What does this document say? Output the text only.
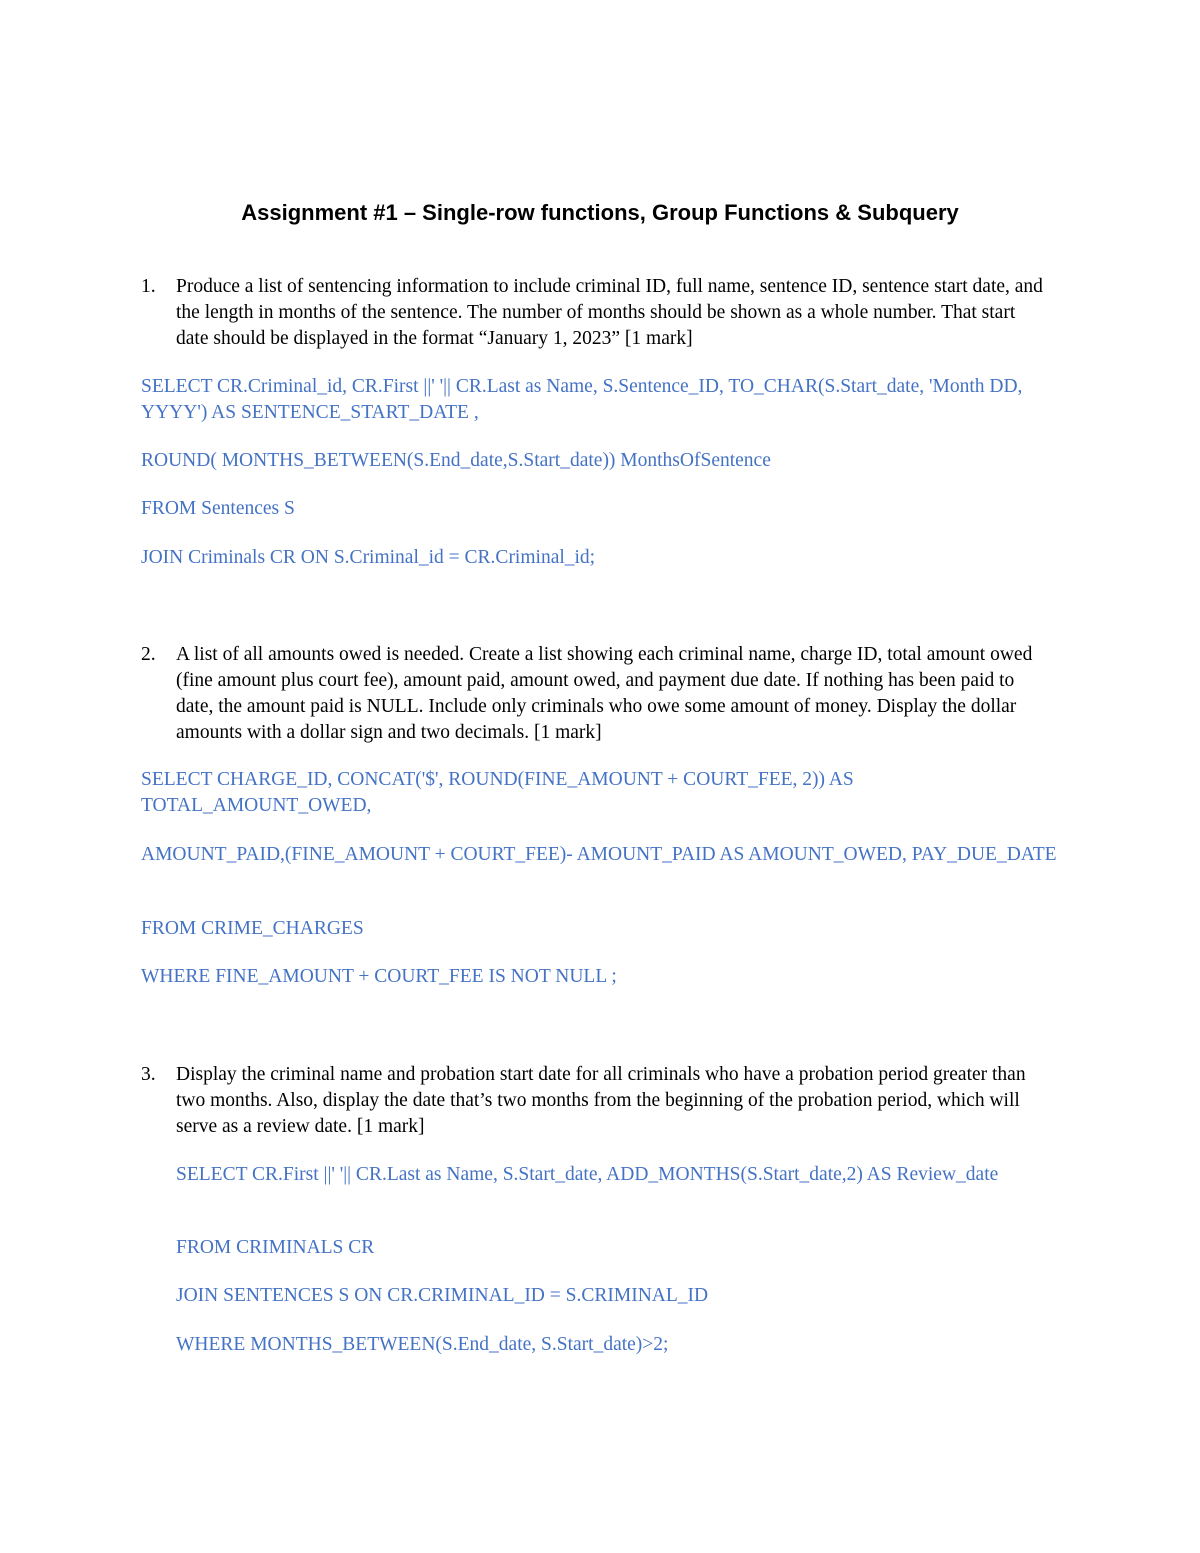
Assignment #1 – Single-row functions, Group Functions & Subquery
1. Produce a list of sentencing information to include criminal ID, full name, sentence ID, sentence start date, and the length in months of the sentence. The number of months should be shown as a whole number. That start date should be displayed in the format “January 1, 2023” [1 mark]

SELECT CR.Criminal_id, CR.First ||' '|| CR.Last as Name, S.Sentence_ID, TO_CHAR(S.Start_date, 'Month DD, YYYY') AS SENTENCE_START_DATE ,

ROUND( MONTHS_BETWEEN(S.End_date,S.Start_date)) MonthsOfSentence

FROM Sentences S

JOIN Criminals CR ON S.Criminal_id = CR.Criminal_id;

2. A list of all amounts owed is needed. Create a list showing each criminal name, charge ID, total amount owed (fine amount plus court fee), amount paid, amount owed, and payment due date. If nothing has been paid to date, the amount paid is NULL. Include only criminals who owe some amount of money. Display the dollar amounts with a dollar sign and two decimals. [1 mark]

SELECT CHARGE_ID, CONCAT('$', ROUND(FINE_AMOUNT + COURT_FEE, 2)) AS TOTAL_AMOUNT_OWED,

AMOUNT_PAID,(FINE_AMOUNT + COURT_FEE)- AMOUNT_PAID AS AMOUNT_OWED, PAY_DUE_DATE

FROM CRIME_CHARGES

WHERE FINE_AMOUNT + COURT_FEE IS NOT NULL ;

3. Display the criminal name and probation start date for all criminals who have a probation period greater than two months. Also, display the date that’s two months from the beginning of the probation period, which will serve as a review date. [1 mark]

SELECT CR.First ||' '|| CR.Last as Name, S.Start_date, ADD_MONTHS(S.Start_date,2) AS Review_date

FROM CRIMINALS CR

JOIN SENTENCES S ON CR.CRIMINAL_ID = S.CRIMINAL_ID

WHERE MONTHS_BETWEEN(S.End_date, S.Start_date)>2;
